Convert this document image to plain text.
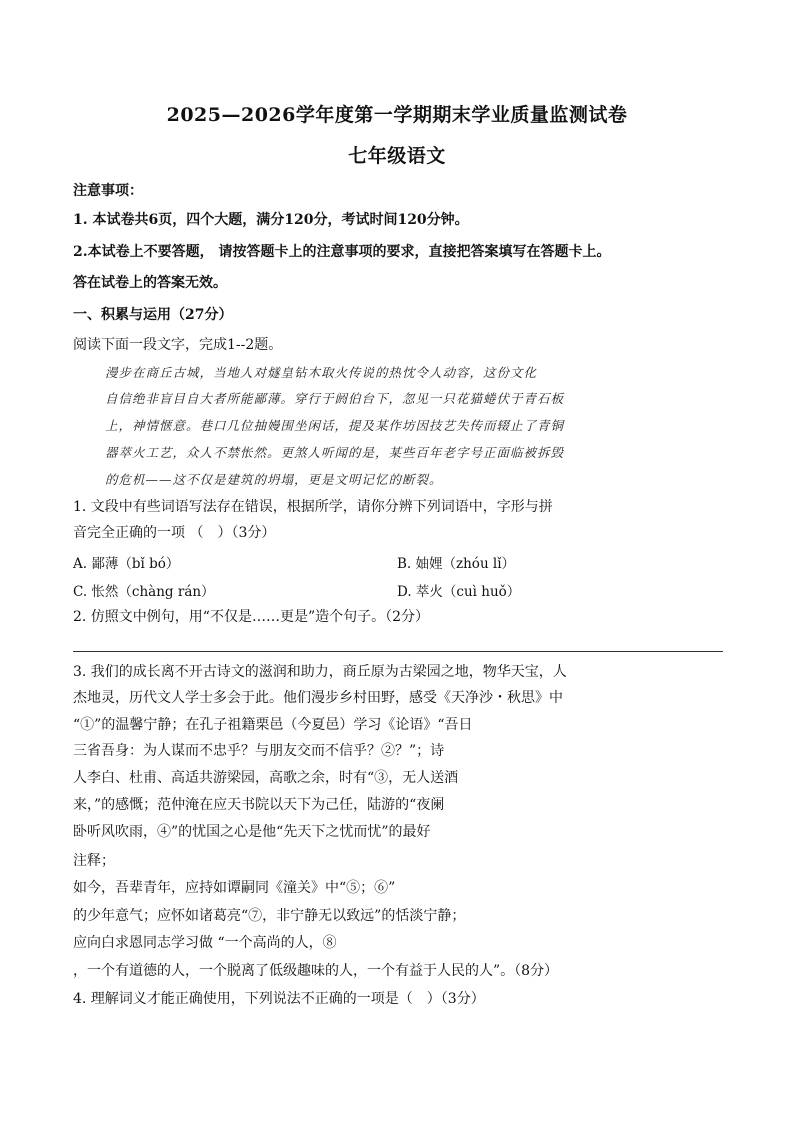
2025—2026学年度第一学期期末学业质量监测试卷
七年级语文
注意事项：
1. 本试卷共6页，四个大题，满分120分，考试时间120分钟。
2.本试卷上不要答题， 请按答题卡上的注意事项的要求，直接把答案填写在答题卡上。
答在试卷上的答案无效。
一、积累与运用（27分）
阅读下面一段文字，完成1--2题。
漫步在商丘古城，当地人对燧皇钻木取火传说的热忱令人动容，这份文化
自信绝非盲目自大者所能鄙薄。穿行于阏伯台下，忽见一只花猫蜷伏于青石板
上，神情惬意。巷口几位抽嫚围坐闲话，提及某作坊因技艺失传而辍止了青铜
器萃火工艺，众人不禁怅然。更煞人听闻的是，某些百年老字号正面临被拆毁
的危机——这不仅是建筑的坍塌，更是文明记忆的断裂。
1. 文段中有些词语写法存在错误，根据所学，请你分辨下列词语中，字形与拼
音完全正确的一项 （　）（3分）
A. 鄙薄（bǐ bó）	B. 妯娌（zhóu lǐ）
C. 怅然（chàng rán）	D. 萃火（cuì huǒ）
2. 仿照文中例句，用“不仅是……更是”造个句子。（2分）
3. 我们的成长离不开古诗文的滋润和助力，商丘原为古梁园之地，物华天宝，人
杰地灵，历代文人学士多会于此。他们漫步乡村田野，感受《天净沙・秋思》中
“①”的温馨宁静；在孔子祖籍栗邑（今夏邑）学习《论语》“吾日
三省吾身：为人谋而不忠乎？与朋友交而不信乎？②？”；诗
人李白、杜甫、高适共游梁园，高歌之余，时有“③，无人送酒
来，”的感慨；范仲淹在应天书院以天下为己任，陆游的“夜阑
卧听风吹雨，④”的忧国之心是他“先天下之忧而忧”的最好
注释；
如今，吾辈青年，应持如谭嗣同《潼关》中“⑤；⑥”
的少年意气；应怀如诸葛亮“⑦，非宁静无以致远”的恬淡宁静；
应向白求恩同志学习做 “一个高尚的人，⑧
，一个有道德的人，一个脱离了低级趣味的人，一个有益于人民的人”。（8分）
4. 理解词义才能正确使用，下列说法不正确的一项是（　）（3分）
